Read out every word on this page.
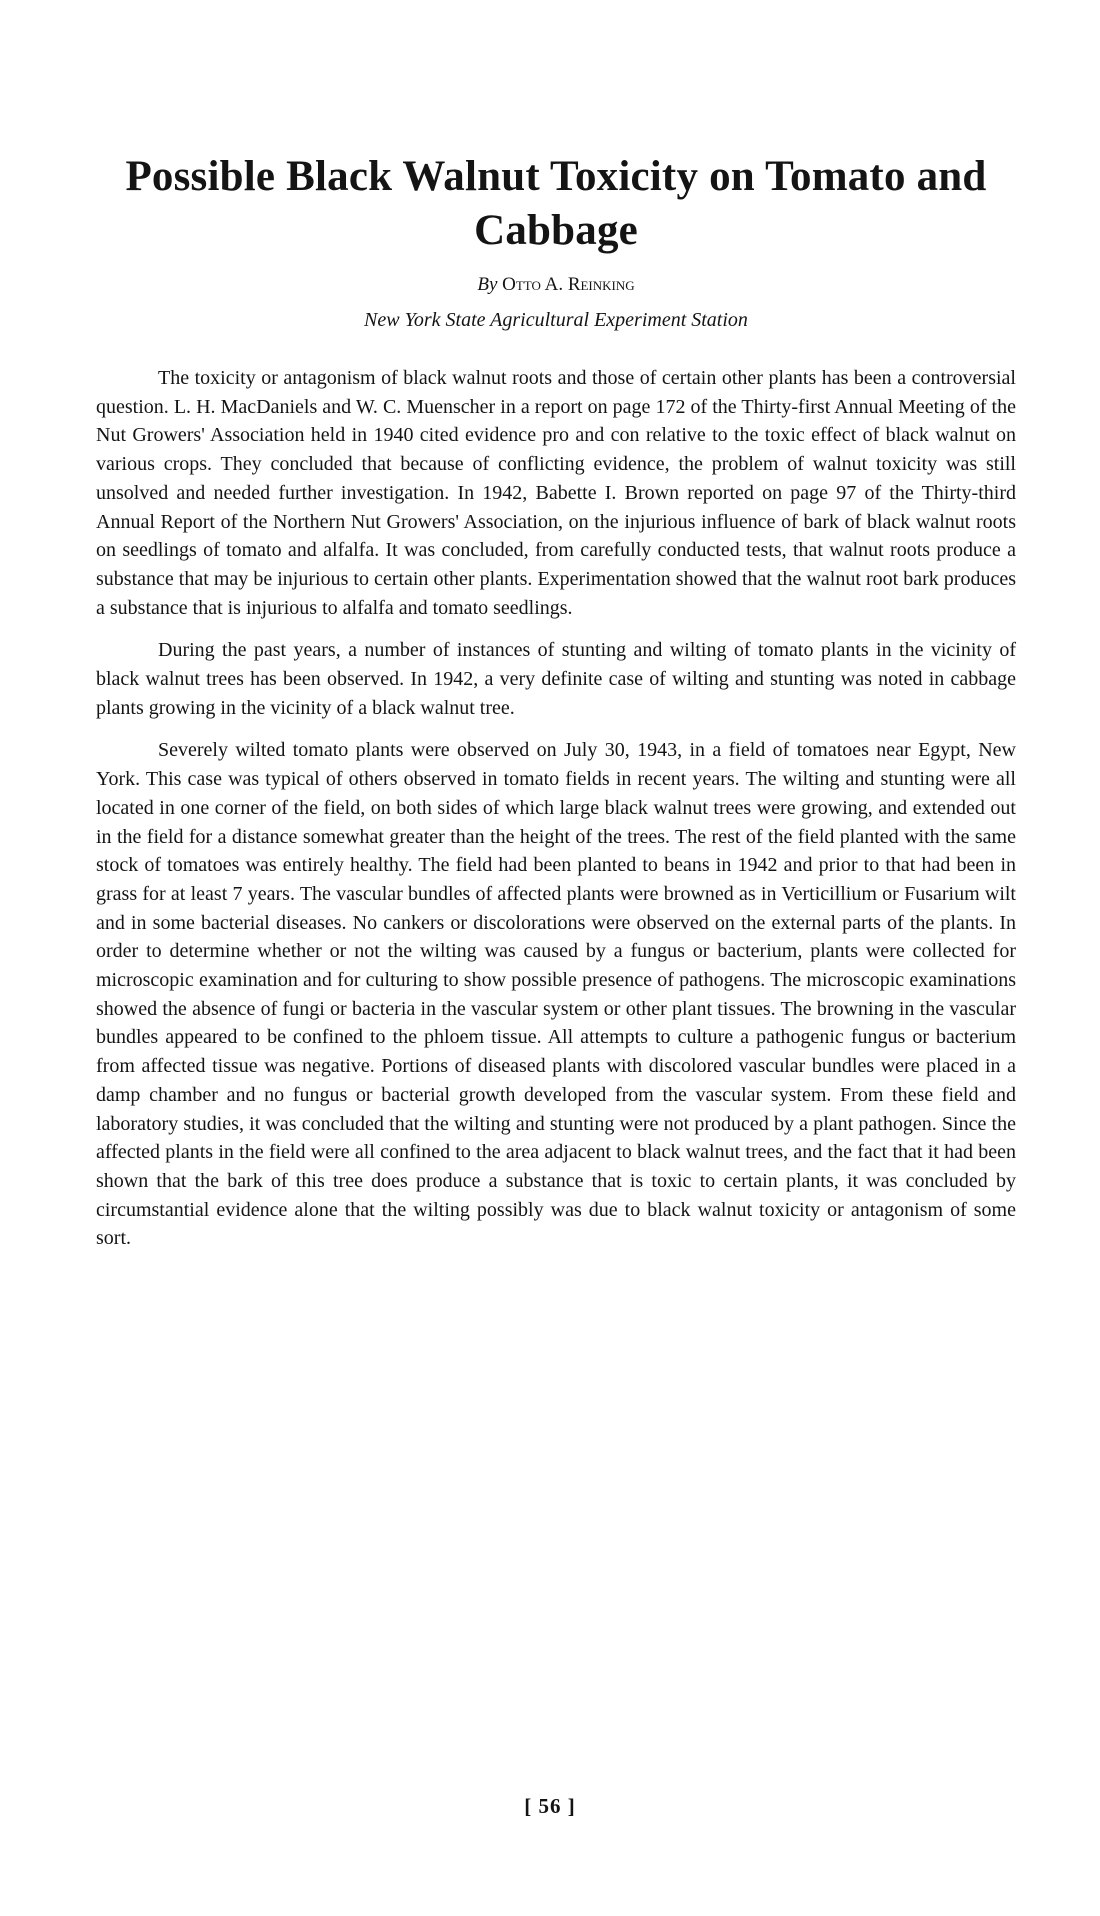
Possible Black Walnut Toxicity on Tomato and Cabbage
By Otto A. Reinking
New York State Agricultural Experiment Station

The toxicity or antagonism of black walnut roots and those of certain other plants has been a controversial question. L. H. MacDaniels and W. C. Muenscher in a report on page 172 of the Thirty-first Annual Meeting of the Nut Growers' Association held in 1940 cited evidence pro and con relative to the toxic effect of black walnut on various crops. They concluded that because of conflicting evidence, the problem of walnut toxicity was still unsolved and needed further investigation. In 1942, Babette I. Brown reported on page 97 of the Thirty-third Annual Report of the Northern Nut Growers' Association, on the injurious influence of bark of black walnut roots on seedlings of tomato and alfalfa. It was concluded, from carefully conducted tests, that walnut roots produce a substance that may be injurious to certain other plants. Experimentation showed that the walnut root bark produces a substance that is injurious to alfalfa and tomato seedlings.

During the past years, a number of instances of stunting and wilting of tomato plants in the vicinity of black walnut trees has been observed. In 1942, a very definite case of wilting and stunting was noted in cabbage plants growing in the vicinity of a black walnut tree.

Severely wilted tomato plants were observed on July 30, 1943, in a field of tomatoes near Egypt, New York. This case was typical of others observed in tomato fields in recent years. The wilting and stunting were all located in one corner of the field, on both sides of which large black walnut trees were growing, and extended out in the field for a distance somewhat greater than the height of the trees. The rest of the field planted with the same stock of tomatoes was entirely healthy. The field had been planted to beans in 1942 and prior to that had been in grass for at least 7 years. The vascular bundles of affected plants were browned as in Verticillium or Fusarium wilt and in some bacterial diseases. No cankers or discolorations were observed on the external parts of the plants. In order to determine whether or not the wilting was caused by a fungus or bacterium, plants were collected for microscopic examination and for culturing to show possible presence of pathogens. The microscopic examinations showed the absence of fungi or bacteria in the vascular system or other plant tissues. The browning in the vascular bundles appeared to be confined to the phloem tissue. All attempts to culture a pathogenic fungus or bacterium from affected tissue was negative. Portions of diseased plants with discolored vascular bundles were placed in a damp chamber and no fungus or bacterial growth developed from the vascular system. From these field and laboratory studies, it was concluded that the wilting and stunting were not produced by a plant pathogen. Since the affected plants in the field were all confined to the area adjacent to black walnut trees, and the fact that it had been shown that the bark of this tree does produce a substance that is toxic to certain plants, it was concluded by circumstantial evidence alone that the wilting possibly was due to black walnut toxicity or antagonism of some sort.

[ 56 ]
